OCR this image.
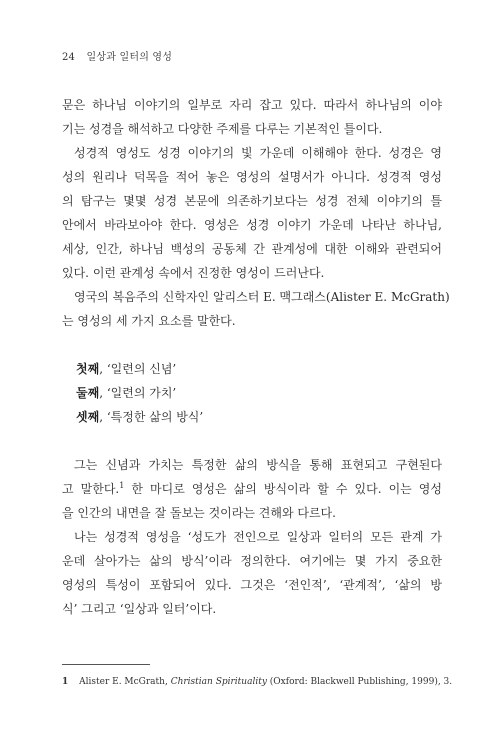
24 일상과 일터의 영성
문은 하나님 이야기의 일부로 자리 잡고 있다. 따라서 하나님의 이야
기는 성경을 해석하고 다양한 주제를 다루는 기본적인 틀이다.
성경적 영성도 성경 이야기의 빛 가운데 이해해야 한다. 성경은 영
성의 원리나 덕목을 적어 놓은 영성의 설명서가 아니다. 성경적 영성
의 탐구는 몇몇 성경 본문에 의존하기보다는 성경 전체 이야기의 틀
안에서 바라보아야 한다. 영성은 성경 이야기 가운데 나타난 하나님,
세상, 인간, 하나님 백성의 공동체 간 관계성에 대한 이해와 관련되어
있다. 이런 관계성 속에서 진정한 영성이 드러난다.
영국의 복음주의 신학자인 알리스터 E. 맥그래스(Alister E. McGrath)
는 영성의 세 가지 요소를 말한다.
첫째, ‘일련의 신념’
둘째, ‘일련의 가치’
셋째, ‘특정한 삶의 방식’
그는 신념과 가치는 특정한 삶의 방식을 통해 표현되고 구현된다
고 말한다.$^1$ 한 마디로 영성은 삶의 방식이라 할 수 있다. 이는 영성
을 인간의 내면을 잘 돌보는 것이라는 견해와 다르다.
나는 성경적 영성을 ‘성도가 전인으로 일상과 일터의 모든 관계 가
운데 살아가는 삶의 방식’이라 정의한다. 여기에는 몇 가지 중요한
영성의 특성이 포함되어 있다. 그것은 ‘전인적’, ‘관계적’, ‘삶의 방
식’ 그리고 ‘일상과 일터’이다.
1 Alister E. McGrath, Christian Spirituality (Oxford: Blackwell Publishing, 1999), 3.
